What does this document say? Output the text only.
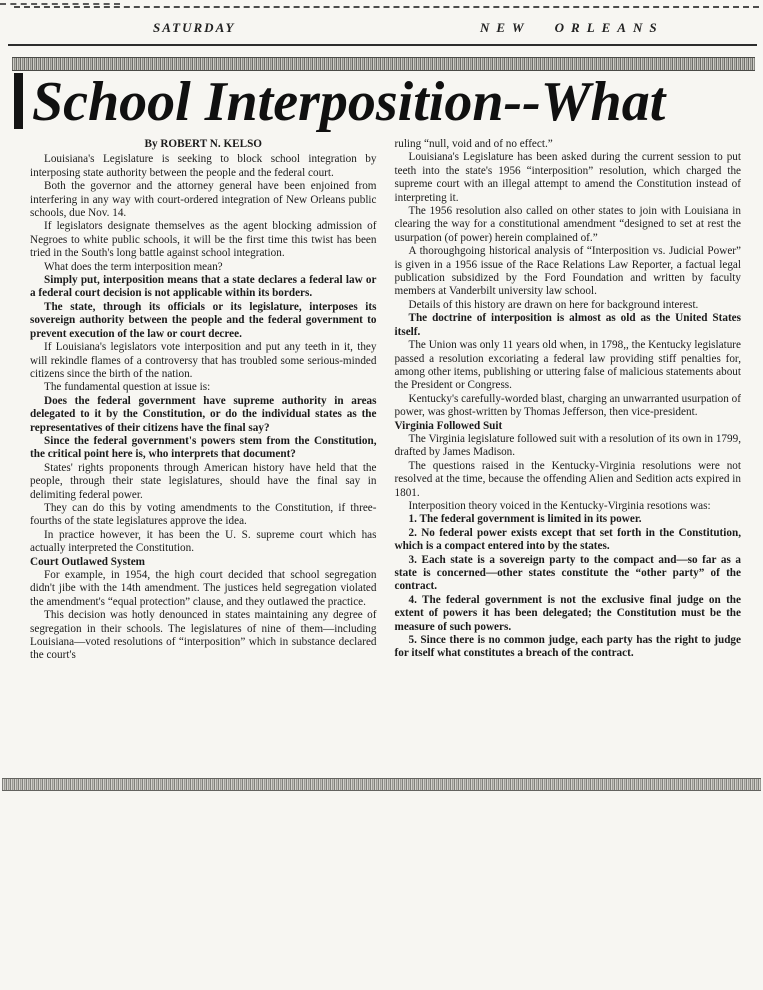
SATURDAY	NEW ORLEANS
School Interposition--What

By ROBERT N. KELSO

Louisiana's Legislature is seeking to block school integration by interposing state authority between the people and the federal court.

Both the governor and the attorney general have been enjoined from interfering in any way with court-ordered integration of New Orleans public schools, due Nov. 14.

If legislators designate themselves as the agent blocking admission of Negroes to white public schools, it will be the first time this twist has been tried in the South's long battle against school integration.

What does the term interposition mean?

Simply put, interposition means that a state declares a federal law or a federal court decision is not applicable within its borders.

The state, through its officials or its legislature, interposes its sovereign authority between the people and the federal government to prevent execution of the law or court decree.

If Louisiana's legislators vote interposition and put any teeth in it, they will rekindle flames of a controversy that has troubled some serious-minded citizens since the birth of the nation.

The fundamental question at issue is:

Does the federal government have supreme authority in areas delegated to it by the Constitution, or do the individual states as the representatives of their citizens have the final say?

Since the federal government's powers stem from the Constitution, the critical point here is, who interprets that document?

States' rights proponents through American history have held that the people, through their state legislatures, should have the final say in delimiting federal power.

They can do this by voting amendments to the Constitution, if three-fourths of the state legislatures approve the idea.

In practice however, it has been the U. S. supreme court which has actually interpreted the Constitution.

Court Outlawed System

For example, in 1954, the high court decided that school segregation didn't jibe with the 14th amendment. The justices held segregation violated the amendment's “equal protection” clause, and they outlawed the practice.

This decision was hotly denounced in states maintaining any degree of segregation in their schools. The legislatures of nine of them—including Louisiana—voted resolutions of “interposition” which in substance declared the court's

ruling “null, void and of no effect.”

Louisiana's Legislature has been asked during the current session to put teeth into the state's 1956 “interposition” resolution, which charged the supreme court with an illegal attempt to amend the Constitution instead of interpreting it.

The 1956 resolution also called on other states to join with Louisiana in clearing the way for a constitutional amendment “designed to set at rest the usurpation (of power) herein complained of.”

A thoroughgoing historical analysis of “Interposition vs. Judicial Power” is given in a 1956 issue of the Race Relations Law Reporter, a factual legal publication subsidized by the Ford Foundation and written by faculty members at Vanderbilt university law school.

Details of this history are drawn on here for background interest.

The doctrine of interposition is almost as old as the United States itself.

The Union was only 11 years old when, in 1798,, the Kentucky legislature passed a resolution excoriating a federal law providing stiff penalties for, among other items, publishing or uttering false of malicious statements about the President or Congress.

Kentucky's carefully-worded blast, charging an unwarranted usurpation of power, was ghost-written by Thomas Jefferson, then vice-president.

Virginia Followed Suit

The Virginia legislature followed suit with a resolution of its own in 1799, drafted by James Madison.

The questions raised in the Kentucky-Virginia resolutions were not resolved at the time, because the offending Alien and Sedition acts expired in 1801.

Interposition theory voiced in the Kentucky-Virginia resotions was:

1. The federal government is limited in its power.

2. No federal power exists except that set forth in the Constitution, which is a compact entered into by the states.

3. Each state is a sovereign party to the compact and—so far as a state is concerned—other states constitute the “other party” of the contract.

4. The federal government is not the exclusive final judge on the extent of powers it has been delegated; the Constitution must be the measure of such powers.

5. Since there is no common judge, each party has the right to judge for itself what constitutes a breach of the contract.
